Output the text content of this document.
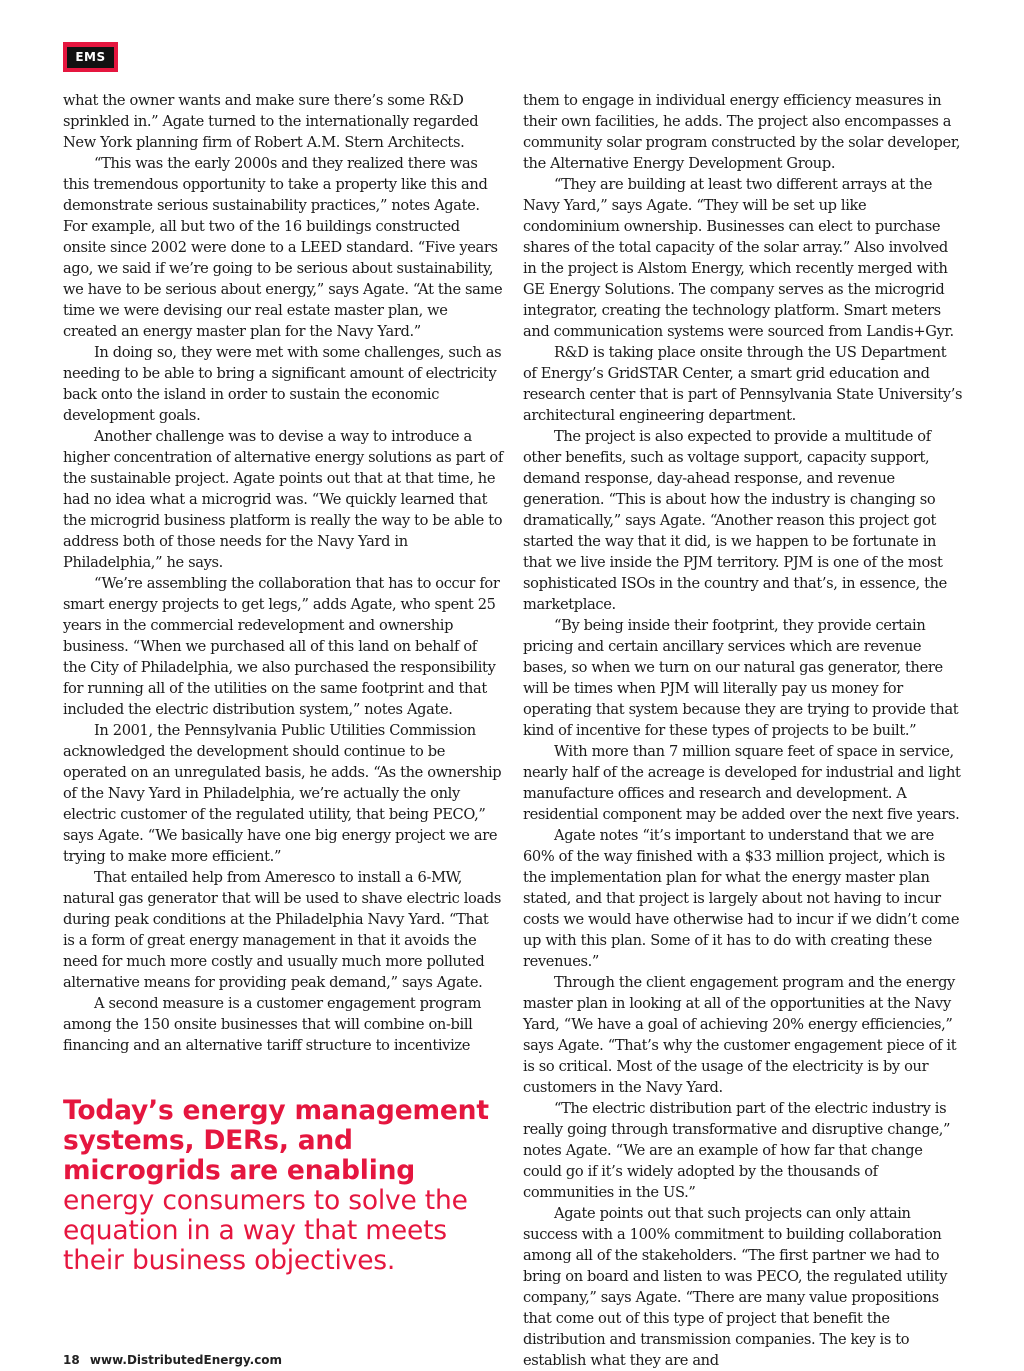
EMS

what the owner wants and make sure there’s some R&D sprinkled in.” Agate turned to the internationally regarded New York planning firm of Robert A.M. Stern Architects.

“This was the early 2000s and they realized there was this tremendous opportunity to take a property like this and demonstrate serious sustainability practices,” notes Agate. For example, all but two of the 16 buildings constructed onsite since 2002 were done to a LEED standard. “Five years ago, we said if we’re going to be serious about sustainability, we have to be serious about energy,” says Agate. “At the same time we were devising our real estate master plan, we created an energy master plan for the Navy Yard.”

In doing so, they were met with some challenges, such as needing to be able to bring a significant amount of electricity back onto the island in order to sustain the economic development goals.

Another challenge was to devise a way to introduce a higher concentration of alternative energy solutions as part of the sustainable project. Agate points out that at that time, he had no idea what a microgrid was. “We quickly learned that the microgrid business platform is really the way to be able to address both of those needs for the Navy Yard in Philadelphia,” he says.

“We’re assembling the collaboration that has to occur for smart energy projects to get legs,” adds Agate, who spent 25 years in the commercial redevelopment and ownership business. “When we purchased all of this land on behalf of the City of Philadelphia, we also purchased the responsibility for running all of the utilities on the same footprint and that included the electric distribution system,” notes Agate.

In 2001, the Pennsylvania Public Utilities Commission acknowledged the development should continue to be operated on an unregulated basis, he adds. “As the ownership of the Navy Yard in Philadelphia, we’re actually the only electric customer of the regulated utility, that being PECO,” says Agate. “We basically have one big energy project we are trying to make more efficient.”

That entailed help from Ameresco to install a 6-MW, natural gas generator that will be used to shave electric loads during peak conditions at the Philadelphia Navy Yard. “That is a form of great energy management in that it avoids the need for much more costly and usually much more polluted alternative means for providing peak demand,” says Agate.

A second measure is a customer engagement program among the 150 onsite businesses that will combine on-bill financing and an alternative tariff structure to incentivize

them to engage in individual energy efficiency measures in their own facilities, he adds. The project also encompasses a community solar program constructed by the solar developer, the Alternative Energy Development Group.

“They are building at least two different arrays at the Navy Yard,” says Agate. “They will be set up like condominium ownership. Businesses can elect to purchase shares of the total capacity of the solar array.” Also involved in the project is Alstom Energy, which recently merged with GE Energy Solutions. The company serves as the microgrid integrator, creating the technology platform. Smart meters and communication systems were sourced from Landis+Gyr.

R&D is taking place onsite through the US Department of Energy’s GridSTAR Center, a smart grid education and research center that is part of Pennsylvania State University’s architectural engineering department.

The project is also expected to provide a multitude of other benefits, such as voltage support, capacity support, demand response, day-ahead response, and revenue generation. “This is about how the industry is changing so dramatically,” says Agate. “Another reason this project got started the way that it did, is we happen to be fortunate in that we live inside the PJM territory. PJM is one of the most sophisticated ISOs in the country and that’s, in essence, the marketplace.

“By being inside their footprint, they provide certain pricing and certain ancillary services which are revenue bases, so when we turn on our natural gas generator, there will be times when PJM will literally pay us money for operating that system because they are trying to provide that kind of incentive for these types of projects to be built.”

With more than 7 million square feet of space in service, nearly half of the acreage is developed for industrial and light manufacture offices and research and development. A residential component may be added over the next five years.

Agate notes “it’s important to understand that we are 60% of the way finished with a $33 million project, which is the implementation plan for what the energy master plan stated, and that project is largely about not having to incur costs we would have otherwise had to incur if we didn’t come up with this plan. Some of it has to do with creating these revenues.”

Through the client engagement program and the energy master plan in looking at all of the opportunities at the Navy Yard, “We have a goal of achieving 20% energy efficiencies,” says Agate. “That’s why the customer engagement piece of it is so critical. Most of the usage of the electricity is by our customers in the Navy Yard.

“The electric distribution part of the electric industry is really going through transformative and disruptive change,” notes Agate. “We are an example of how far that change could go if it’s widely adopted by the thousands of communities in the US.”

Agate points out that such projects can only attain success with a 100% commitment to building collaboration among all of the stakeholders. “The first partner we had to bring on board and listen to was PECO, the regulated utility company,” says Agate. “There are many value propositions that come out of this type of project that benefit the distribution and transmission companies. The key is to establish what they are and

Today’s energy management systems, DERs, and microgrids are enabling energy consumers to solve the equation in a way that meets their business objectives.
18 www.DistributedEnergy.com
